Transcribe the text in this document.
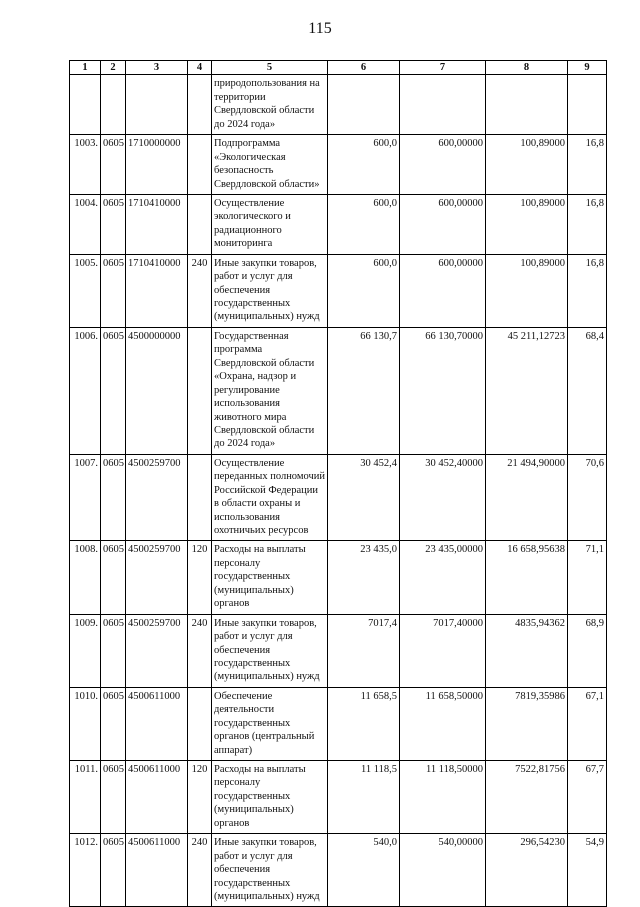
115
1	2	3	4	5	6	7	8	9
				природопользования на территории Свердловской области до 2024 года»				
1003.	0605	1710000000		Подпрограмма «Экологическая безопасность Свердловской области»	600,0	600,00000	100,89000	16,8
1004.	0605	1710410000		Осуществление экологического и радиационного мониторинга	600,0	600,00000	100,89000	16,8
1005.	0605	1710410000	240	Иные закупки товаров, работ и услуг для обеспечения государственных (муниципальных) нужд	600,0	600,00000	100,89000	16,8
1006.	0605	4500000000		Государственная программа Свердловской области «Охрана, надзор и регулирование использования животного мира Свердловской области до 2024 года»	66 130,7	66 130,70000	45 211,12723	68,4
1007.	0605	4500259700		Осуществление переданных полномочий Российской Федерации в области охраны и использования охотничьих ресурсов	30 452,4	30 452,40000	21 494,90000	70,6
1008.	0605	4500259700	120	Расходы на выплаты персоналу государственных (муниципальных) органов	23 435,0	23 435,00000	16 658,95638	71,1
1009.	0605	4500259700	240	Иные закупки товаров, работ и услуг для обеспечения государственных (муниципальных) нужд	7017,4	7017,40000	4835,94362	68,9
1010.	0605	4500611000		Обеспечение деятельности государственных органов (центральный аппарат)	11 658,5	11 658,50000	7819,35986	67,1
1011.	0605	4500611000	120	Расходы на выплаты персоналу государственных (муниципальных) органов	11 118,5	11 118,50000	7522,81756	67,7
1012.	0605	4500611000	240	Иные закупки товаров, работ и услуг для обеспечения государственных (муниципальных) нужд	540,0	540,00000	296,54230	54,9
